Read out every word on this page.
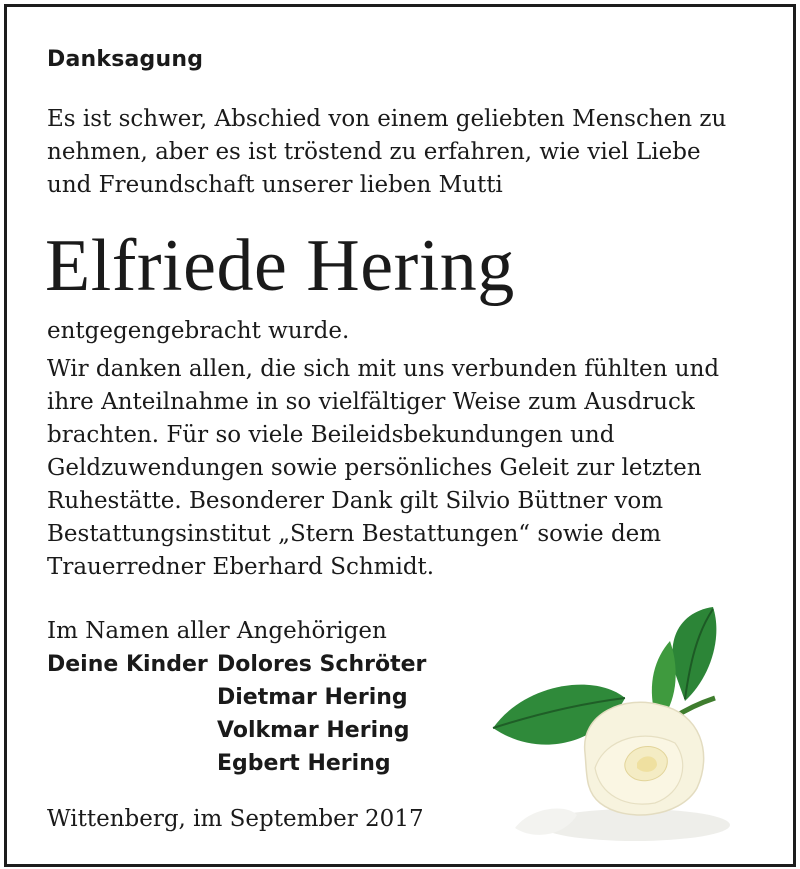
Danksagung
Es ist schwer, Abschied von einem geliebten Menschen zu
nehmen, aber es ist tröstend zu erfahren, wie viel Liebe
und Freundschaft unserer lieben Mutti
Elfriede Hering
entgegengebracht wurde.
Wir danken allen, die sich mit uns verbunden fühlten und
ihre Anteilnahme in so vielfältiger Weise zum Ausdruck
brachten. Für so viele Beileidsbekundungen und
Geldzuwendungen sowie persönliches Geleit zur letzten
Ruhestätte. Besonderer Dank gilt Silvio Büttner vom
Bestattungsinstitut „Stern Bestattungen“ sowie dem
Trauerredner Eberhard Schmidt.
Im Namen aller Angehörigen
Deine Kinder Dolores Schröter
Dietmar Hering
Volkmar Hering
Egbert Hering
Wittenberg, im September 2017
